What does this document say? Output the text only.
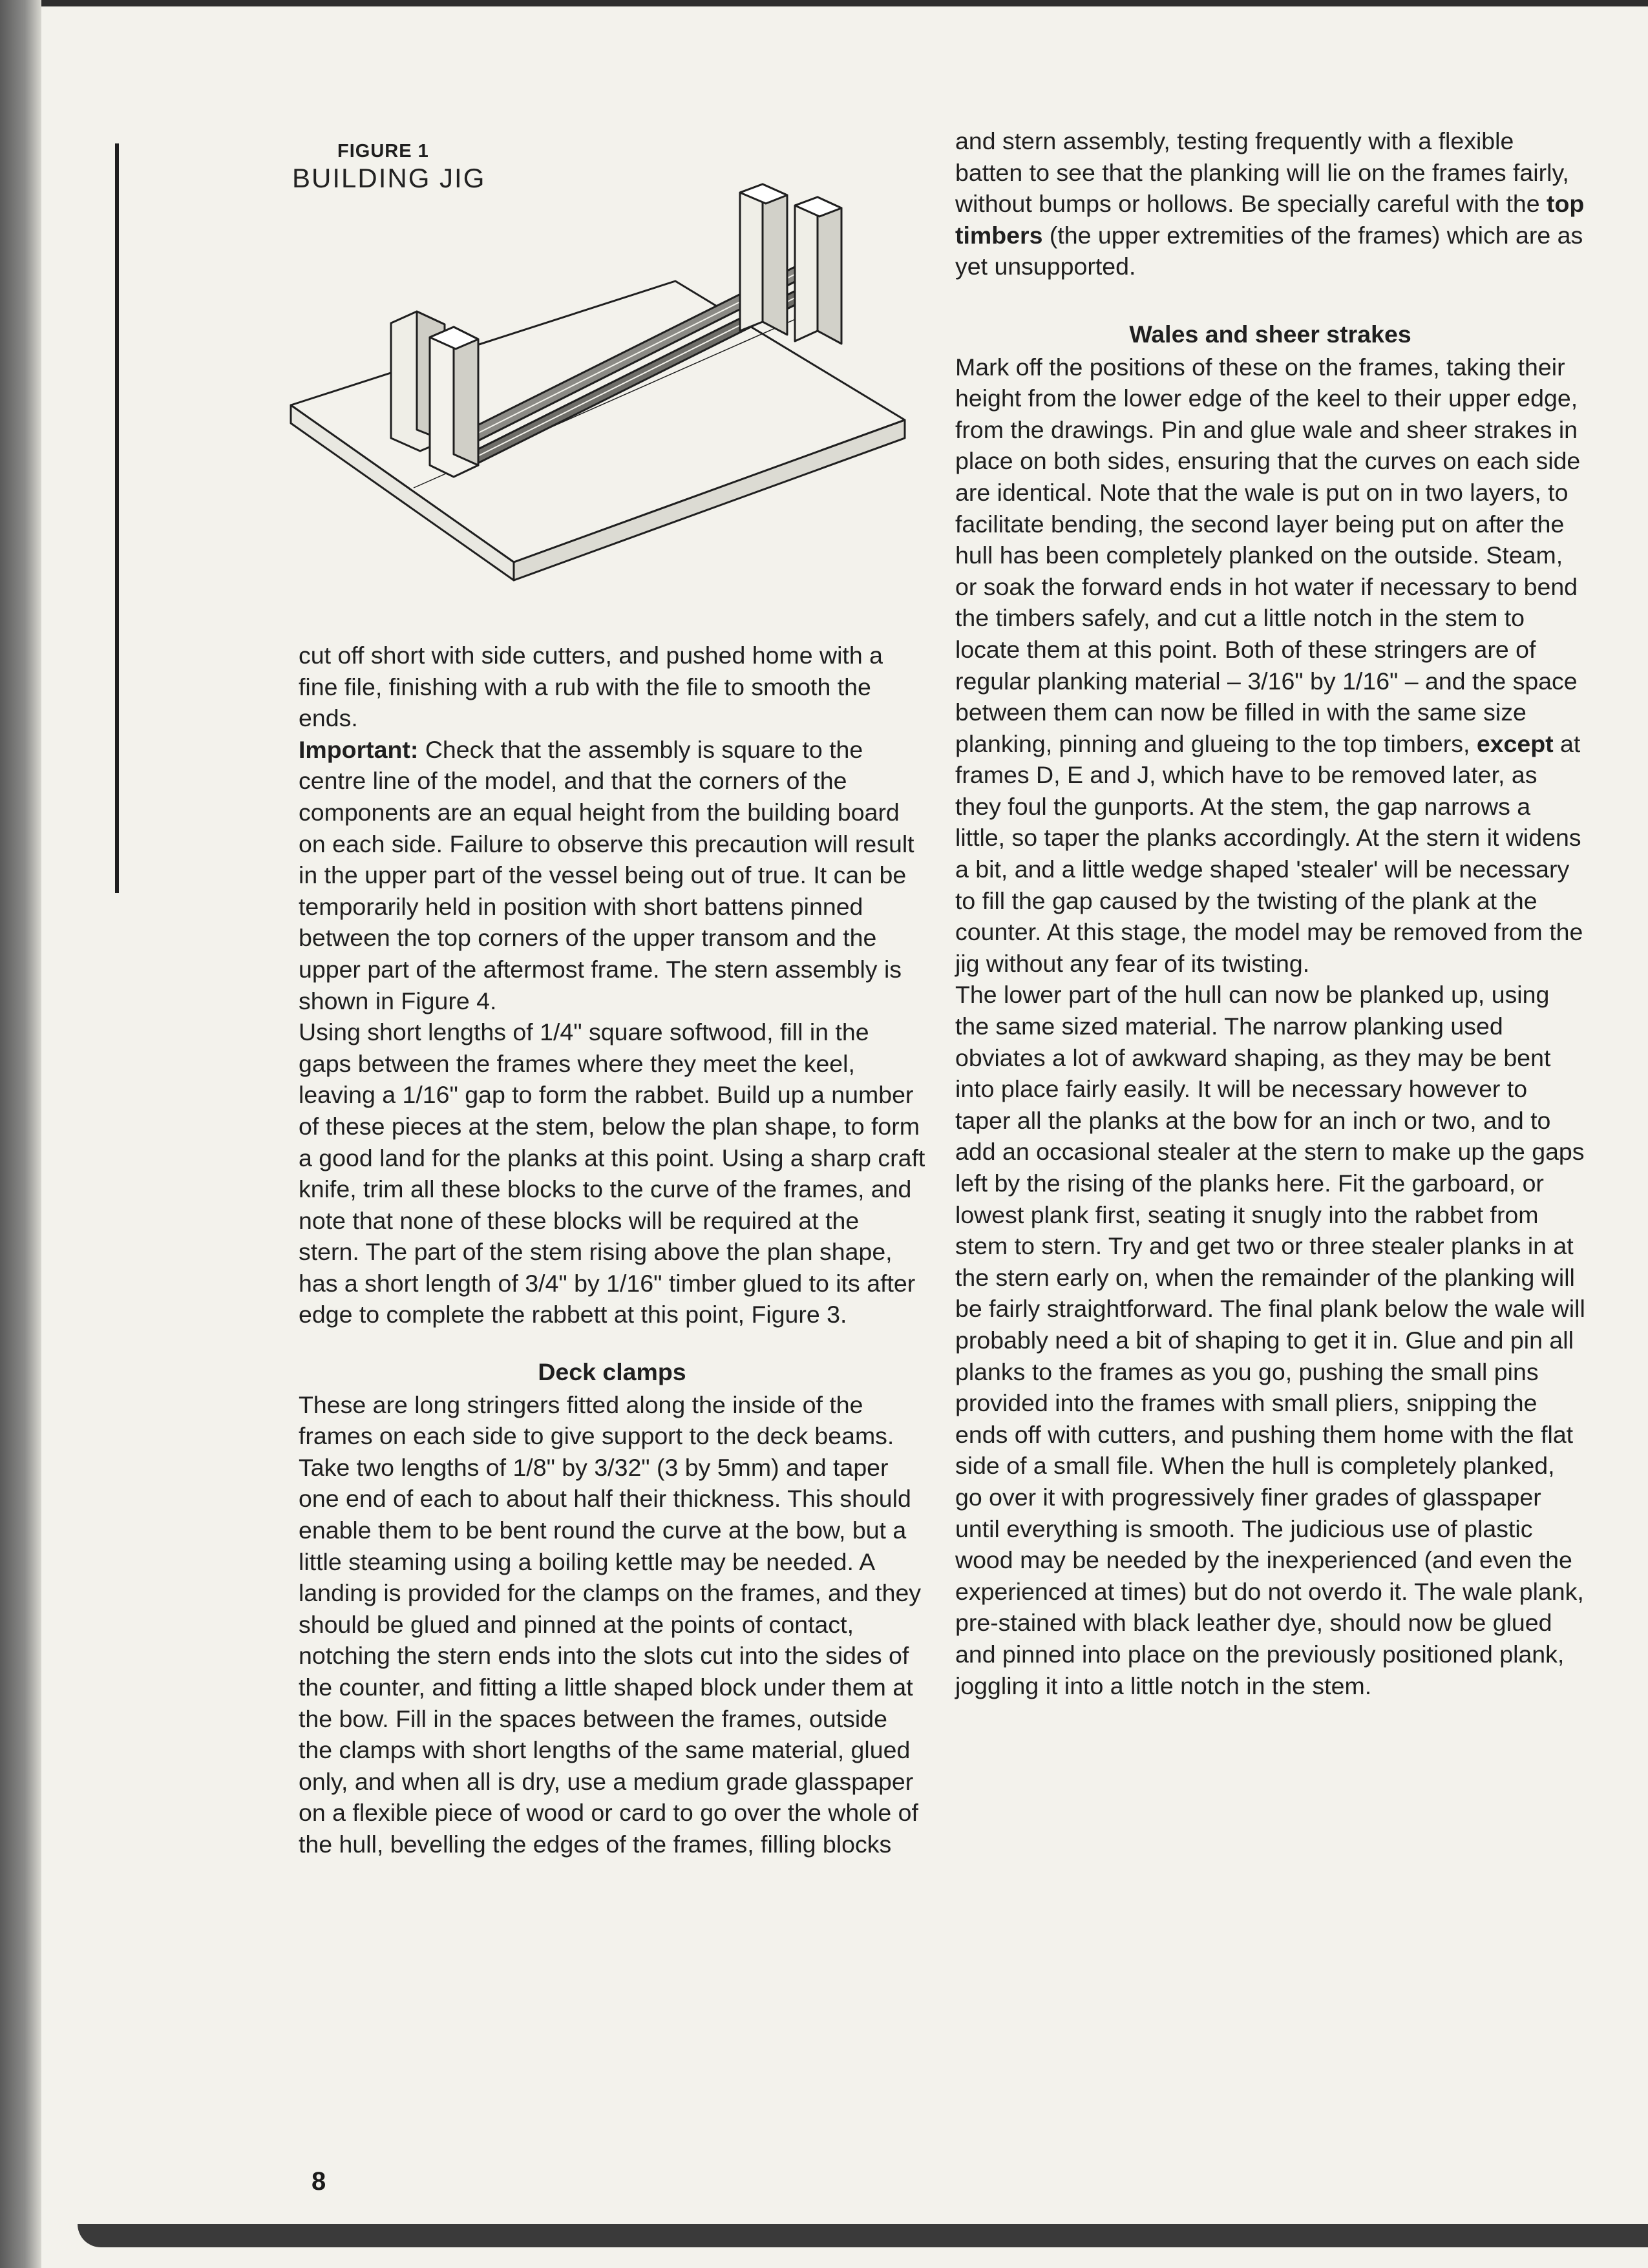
FIGURE 1
BUILDING JIG

cut off short with side cutters, and pushed home with a fine file, finishing with a rub with the file to smooth the ends.

Important: Check that the assembly is square to the centre line of the model, and that the corners of the components are an equal height from the building board on each side. Failure to observe this precaution will result in the upper part of the vessel being out of true. It can be temporarily held in position with short battens pinned between the top corners of the upper transom and the upper part of the aftermost frame. The stern assembly is shown in Figure 4.

Using short lengths of 1/4" square softwood, fill in the gaps between the frames where they meet the keel, leaving a 1/16" gap to form the rabbet. Build up a number of these pieces at the stem, below the plan shape, to form a good land for the planks at this point. Using a sharp craft knife, trim all these blocks to the curve of the frames, and note that none of these blocks will be required at the stern. The part of the stem rising above the plan shape, has a short length of 3/4" by 1/16" timber glued to its after edge to complete the rabbett at this point, Figure 3.

Deck clamps

These are long stringers fitted along the inside of the frames on each side to give support to the deck beams. Take two lengths of 1/8" by 3/32" (3 by 5mm) and taper one end of each to about half their thickness. This should enable them to be bent round the curve at the bow, but a little steaming using a boiling kettle may be needed. A landing is provided for the clamps on the frames, and they should be glued and pinned at the points of contact, notching the stern ends into the slots cut into the sides of the counter, and fitting a little shaped block under them at the bow. Fill in the spaces between the frames, outside the clamps with short lengths of the same material, glued only, and when all is dry, use a medium grade glasspaper on a flexible piece of wood or card to go over the whole of the hull, bevelling the edges of the frames, filling blocks

and stern assembly, testing frequently with a flexible batten to see that the planking will lie on the frames fairly, without bumps or hollows. Be specially careful with the top timbers (the upper extremities of the frames) which are as yet unsupported.

Wales and sheer strakes

Mark off the positions of these on the frames, taking their height from the lower edge of the keel to their upper edge, from the drawings. Pin and glue wale and sheer strakes in place on both sides, ensuring that the curves on each side are identical. Note that the wale is put on in two layers, to facilitate bending, the second layer being put on after the hull has been completely planked on the outside. Steam, or soak the forward ends in hot water if necessary to bend the timbers safely, and cut a little notch in the stem to locate them at this point. Both of these stringers are of regular planking material – 3/16" by 1/16" – and the space between them can now be filled in with the same size planking, pinning and glueing to the top timbers, except at frames D, E and J, which have to be removed later, as they foul the gunports. At the stem, the gap narrows a little, so taper the planks accordingly. At the stern it widens a bit, and a little wedge shaped 'stealer' will be necessary to fill the gap caused by the twisting of the plank at the counter. At this stage, the model may be removed from the jig without any fear of its twisting.

The lower part of the hull can now be planked up, using the same sized material. The narrow planking used obviates a lot of awkward shaping, as they may be bent into place fairly easily. It will be necessary however to taper all the planks at the bow for an inch or two, and to add an occasional stealer at the stern to make up the gaps left by the rising of the planks here. Fit the garboard, or lowest plank first, seating it snugly into the rabbet from stem to stern. Try and get two or three stealer planks in at the stern early on, when the remainder of the planking will be fairly straightforward. The final plank below the wale will probably need a bit of shaping to get it in. Glue and pin all planks to the frames as you go, pushing the small pins provided into the frames with small pliers, snipping the ends off with cutters, and pushing them home with the flat side of a small file. When the hull is completely planked, go over it with progressively finer grades of glasspaper until everything is smooth. The judicious use of plastic wood may be needed by the inexperienced (and even the experienced at times) but do not overdo it. The wale plank, pre-stained with black leather dye, should now be glued and pinned into place on the previously positioned plank, joggling it into a little notch in the stem.

8
